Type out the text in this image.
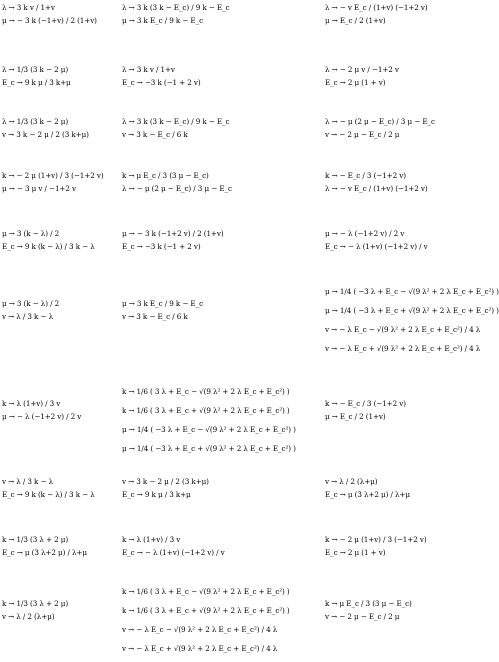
λ → 3 k v / 1+v
μ → − 3 k (−1+v) / 2 (1+v)
λ → 3 k (3 k − E_c) / 9 k − E_c
μ → 3 k E_c / 9 k − E_c
λ → − v E_c / (1+v) (−1+2 v)
μ → E_c / 2 (1+v)
λ → 1/3 (3 k − 2 μ)
E_c → 9 k μ / 3 k+μ
λ → 3 k v / 1+v
E_c → −3 k (−1 + 2 v)
λ → − 2 μ v / −1+2 v
E_c → 2 μ (1 + v)
λ → 1/3 (3 k − 2 μ)
v → 3 k − 2 μ / 2 (3 k+μ)
λ → 3 k (3 k − E_c) / 9 k − E_c
v → 3 k − E_c / 6 k
λ → − μ (2 μ − E_c) / 3 μ − E_c
v → − 2 μ − E_c / 2 μ
k → − 2 μ (1+v) / 3 (−1+2 v)
μ → − 3 μ v / −1+2 v
k → μ E_c / 3 (3 μ − E_c)
λ → − μ (2 μ − E_c) / 3 μ − E_c
k → − E_c / 3 (−1+2 v)
λ → − v E_c / (1+v) (−1+2 v)
μ → 3 (k − λ) / 2
E_c → 9 k (k − λ) / 3 k − λ
μ → − 3 k (−1+2 v) / 2 (1+v)
E_c → −3 k (−1 + 2 v)
μ → − λ (−1+2 v) / 2 v
E_c → − λ (1+v) (−1+2 v) / v
μ → 3 (k − λ) / 2
v → λ / 3 k − λ
μ → 3 k E_c / 9 k − E_c
v → 3 k − E_c / 6 k
μ → 1/4 ( −3 λ + E_c − √(9 λ² + 2 λ E_c + E_c²) )
μ → 1/4 ( −3 λ + E_c + √(9 λ² + 2 λ E_c + E_c²) )
v → − λ E_c − √(9 λ² + 2 λ E_c + E_c²) / 4 λ
v → − λ E_c + √(9 λ² + 2 λ E_c + E_c²) / 4 λ
k → λ (1+v) / 3 v
μ → − λ (−1+2 v) / 2 v
k → 1/6 ( 3 λ + E_c − √(9 λ² + 2 λ E_c + E_c²) )
k → 1/6 ( 3 λ + E_c + √(9 λ² + 2 λ E_c + E_c²) )
μ → 1/4 ( −3 λ + E_c − √(9 λ² + 2 λ E_c + E_c²) )
μ → 1/4 ( −3 λ + E_c + √(9 λ² + 2 λ E_c + E_c²) )
k → − E_c / 3 (−1+2 v)
μ → E_c / 2 (1+v)
v → λ / 3 k − λ
E_c → 9 k (k − λ) / 3 k − λ
v → 3 k − 2 μ / 2 (3 k+μ)
E_c → 9 k μ / 3 k+μ
v → λ / 2 (λ+μ)
E_c → μ (3 λ+2 μ) / λ+μ
k → 1/3 (3 λ + 2 μ)
E_c → μ (3 λ+2 μ) / λ+μ
k → λ (1+v) / 3 v
E_c → − λ (1+v) (−1+2 v) / v
k → − 2 μ (1+v) / 3 (−1+2 v)
E_c → 2 μ (1 + v)
k → 1/3 (3 λ + 2 μ)
v → λ / 2 (λ+μ)
k → 1/6 ( 3 λ + E_c − √(9 λ² + 2 λ E_c + E_c²) )
k → 1/6 ( 3 λ + E_c + √(9 λ² + 2 λ E_c + E_c²) )
v → − λ E_c − √(9 λ² + 2 λ E_c + E_c²) / 4 λ
v → − λ E_c + √(9 λ² + 2 λ E_c + E_c²) / 4 λ
k → μ E_c / 3 (3 μ − E_c)
v → − 2 μ − E_c / 2 μ
